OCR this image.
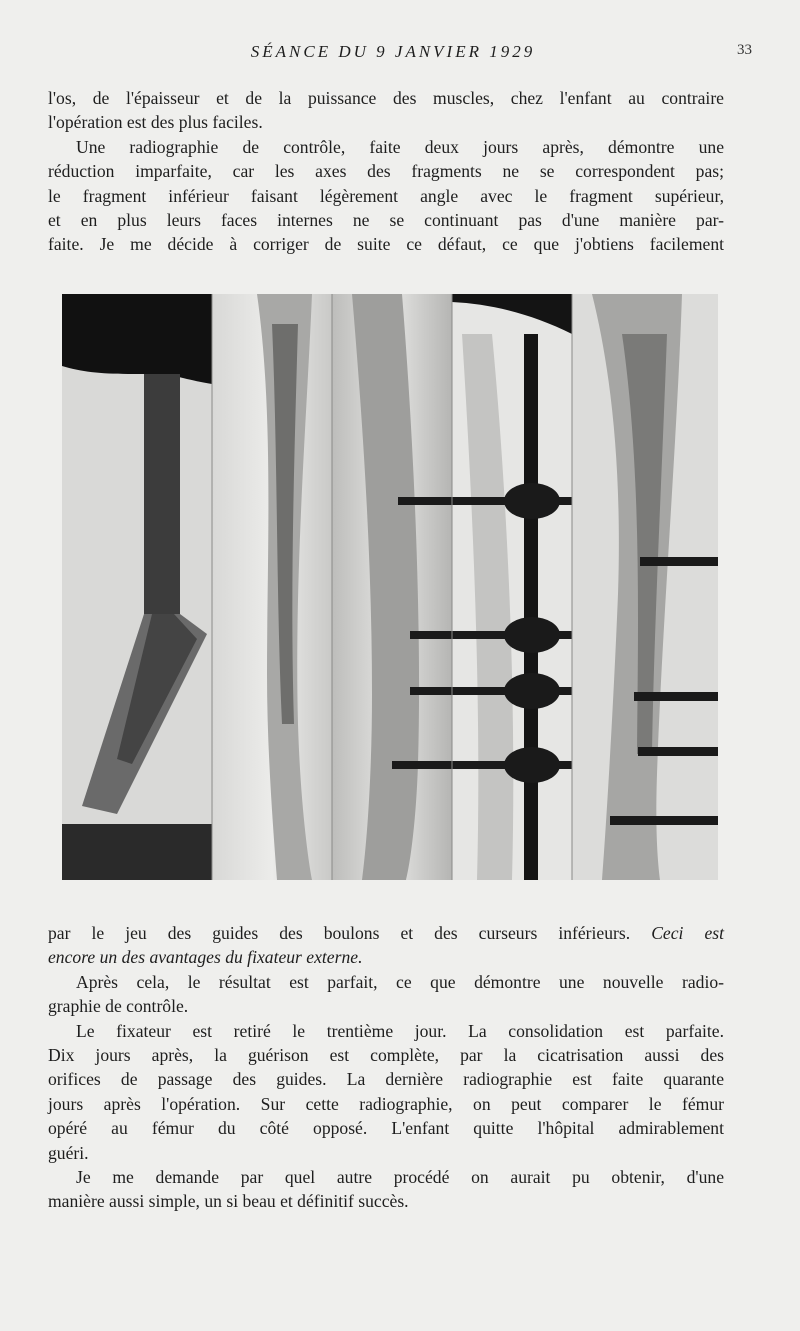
SÉANCE DU 9 JANVIER 1929	33
l'os, de l'épaisseur et de la puissance des muscles, chez l'enfant au contraire
l'opération est des plus faciles.
Une radiographie de contrôle, faite deux jours après, démontre une
réduction imparfaite, car les axes des fragments ne se correspondent pas;
le fragment inférieur faisant légèrement angle avec le fragment supérieur,
et en plus leurs faces internes ne se continuant pas d'une manière par-
faite. Je me décide à corriger de suite ce défaut, ce que j'obtiens facilement
par le jeu des guides des boulons et des curseurs inférieurs. Ceci est
encore un des avantages du fixateur externe.
Après cela, le résultat est parfait, ce que démontre une nouvelle radio-
graphie de contrôle.
Le fixateur est retiré le trentième jour. La consolidation est parfaite.
Dix jours après, la guérison est complète, par la cicatrisation aussi des
orifices de passage des guides. La dernière radiographie est faite quarante
jours après l'opération. Sur cette radiographie, on peut comparer le fémur
opéré au fémur du côté opposé. L'enfant quitte l'hôpital admirablement
guéri.
Je me demande par quel autre procédé on aurait pu obtenir, d'une
manière aussi simple, un si beau et définitif succès.
